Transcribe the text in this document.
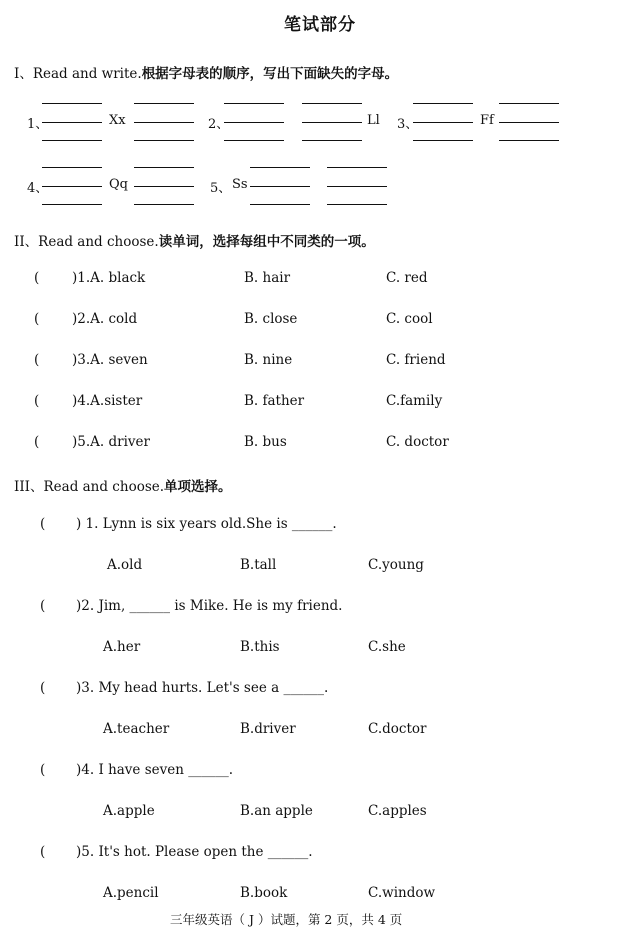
笔试部分
I、Read and write.根据字母表的顺序，写出下面缺失的字母。
1、	Xx	2、	Ll 3、	Ff
4、	Qq	5、 Ss
II、Read and choose.读单词，选择每组中不同类的一项。
( )1.A. black	B. hair	C. red
( )2.A. cold	B. close	C. cool
( )3.A. seven	B. nine	C. friend
( )4.A.sister	B. father	C.family
( )5.A. driver	B. bus	C. doctor
III、Read and choose.单项选择。
( ) 1. Lynn is six years old.She is ______.
A.old	B.tall	C.young
( )2. Jim, ______ is Mike. He is my friend.
A.her	B.this	C.she
( )3. My head hurts. Let's see a ______.
A.teacher	B.driver	C.doctor
( )4. I have seven ______.
A.apple	B.an apple	C.apples
( )5. It's hot. Please open the ______.
A.pencil	B.book	C.window
三年级英语（ J ）试题，第 2 页，共 4 页
